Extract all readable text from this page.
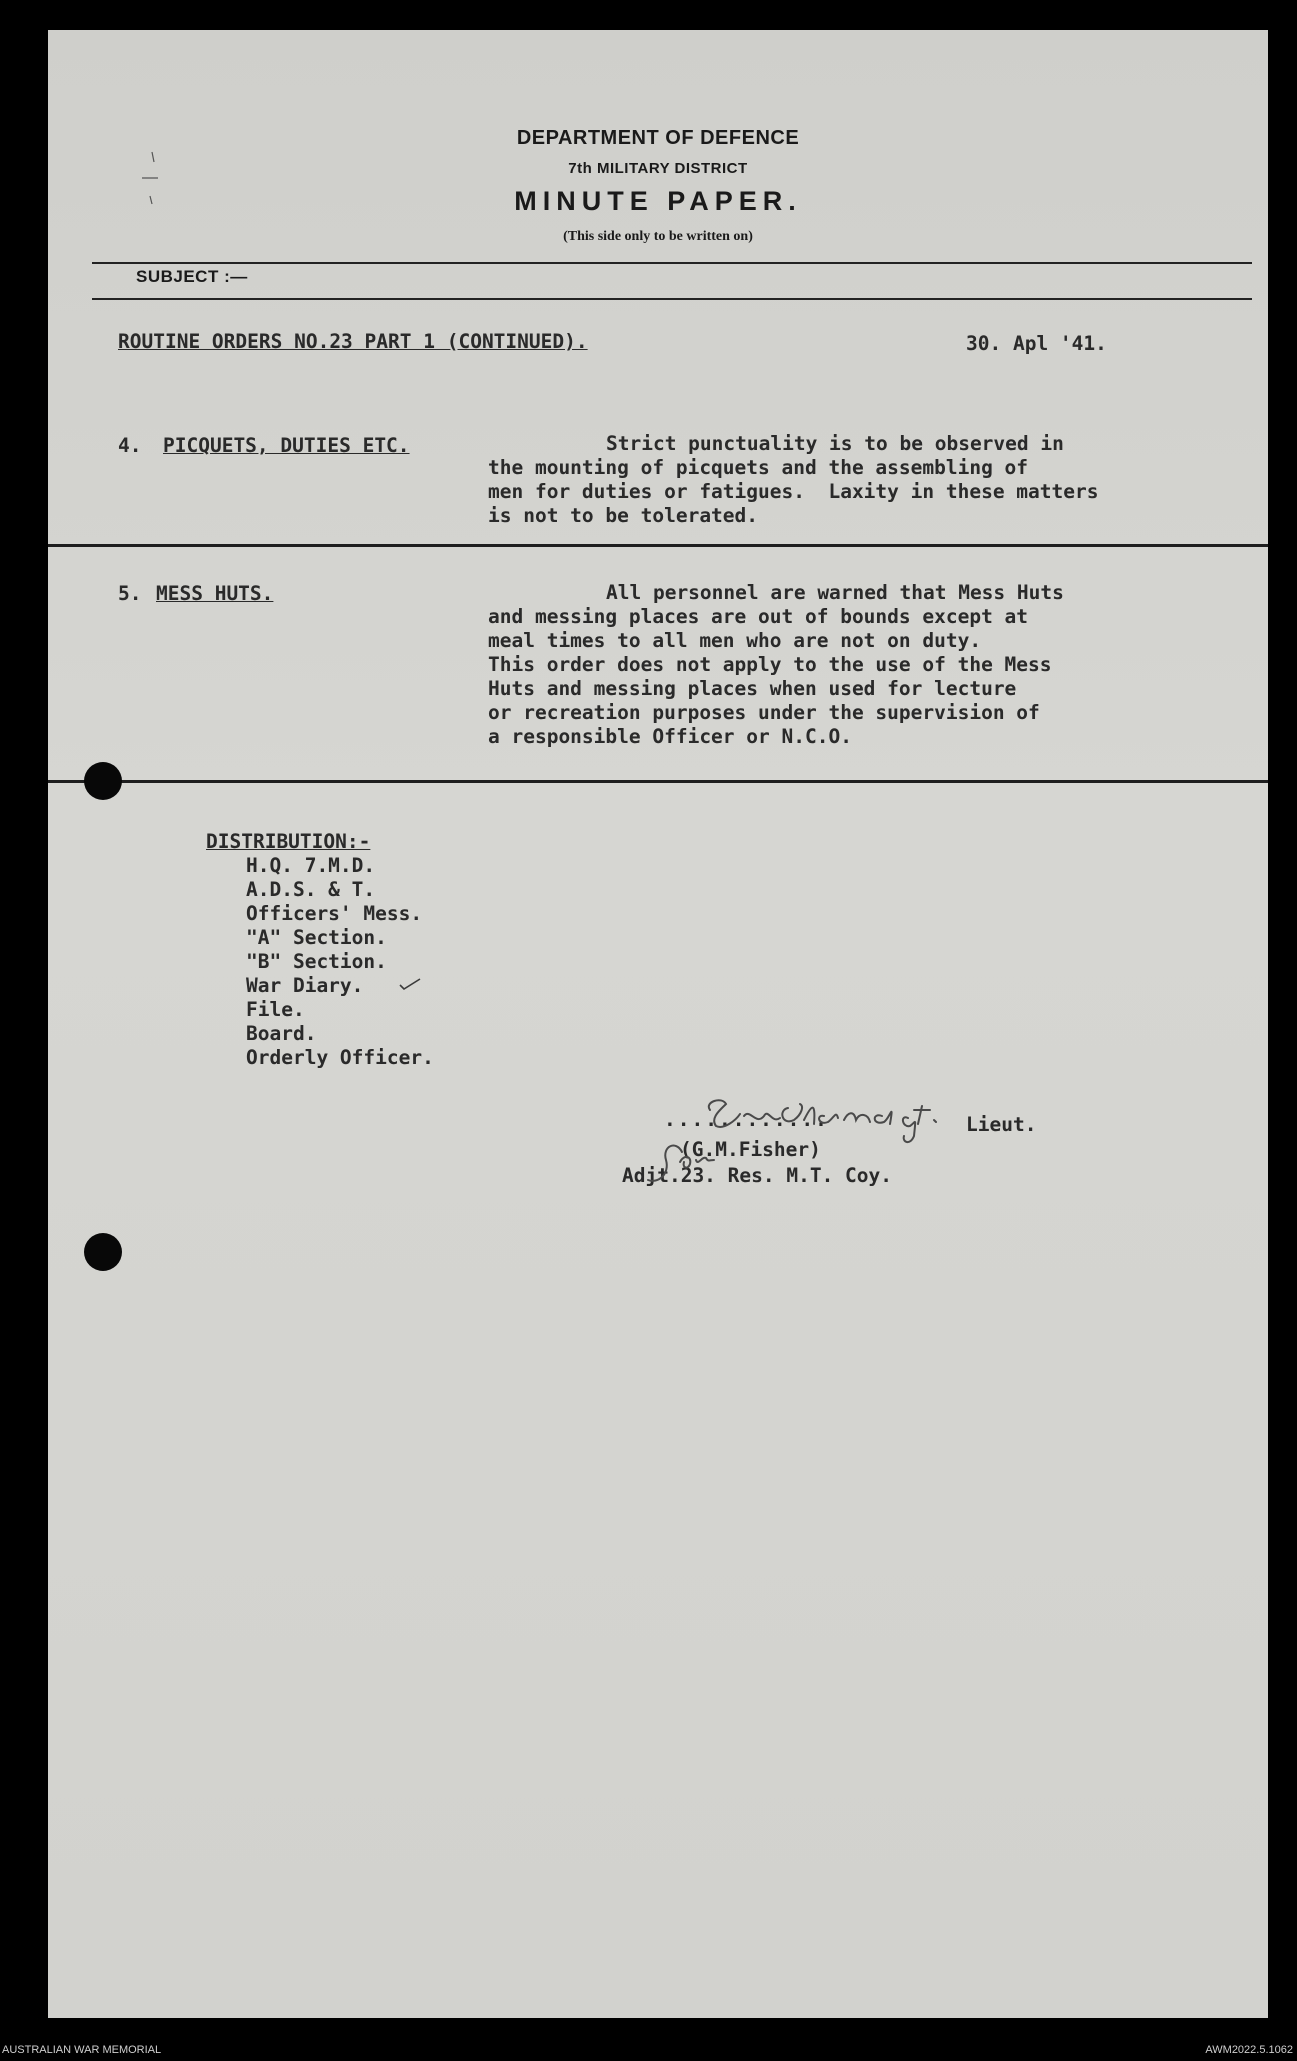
DEPARTMENT OF DEFENCE
7th MILITARY DISTRICT
MINUTE PAPER.
(This side only to be written on)
SUBJECT :—
ROUTINE ORDERS NO.23 PART 1 (CONTINUED).	30. Apl '41.
4. PICQUETS, DUTIES ETC.	Strict punctuality is to be observed in
the mounting of picquets and the assembling of
men for duties or fatigues.  Laxity in these matters
is not to be tolerated.
5. MESS HUTS.	All personnel are warned that Mess Huts
and messing places are out of bounds except at
meal times to all men who are not on duty.
This order does not apply to the use of the Mess
Huts and messing places when used for lecture
or recreation purposes under the supervision of
a responsible Officer or N.C.O.
DISTRIBUTION:-
H.Q. 7.M.D.
A.D.S. & T.
Officers' Mess.
"A" Section.
"B" Section.
War Diary.
File.
Board.
Orderly Officer.
............	Lieut.
(G.M.Fisher)
Adjt.23. Res. M.T. Coy.
AUSTRALIAN WAR MEMORIAL	AWM2022.5.1062
